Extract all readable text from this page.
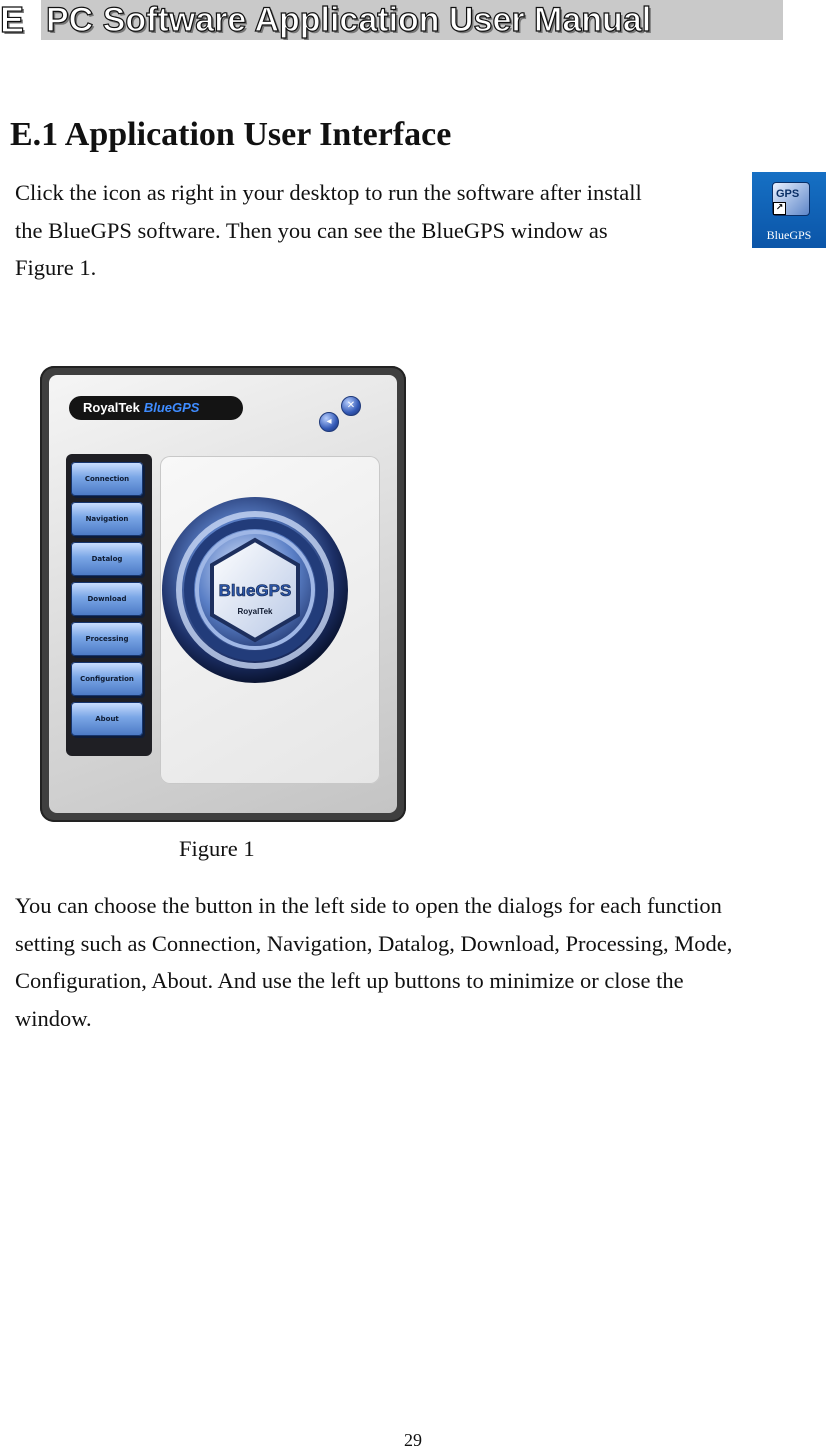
E PC Software Application User Manual
E.1 Application User Interface
Click the icon as right in your desktop to run the software after install
the BlueGPS software. Then you can see the BlueGPS window as
Figure 1.
GPS
↗
BlueGPS
RoyalTek BlueGPS
◂
✕
Connection
Navigation
Datalog
Download
Processing
Configuration
About
BlueGPS
RoyalTek
Figure 1
You can choose the button in the left side to open the dialogs for each function
setting such as Connection, Navigation, Datalog, Download, Processing, Mode,
Configuration, About. And use the left up buttons to minimize or close the
window.
29
